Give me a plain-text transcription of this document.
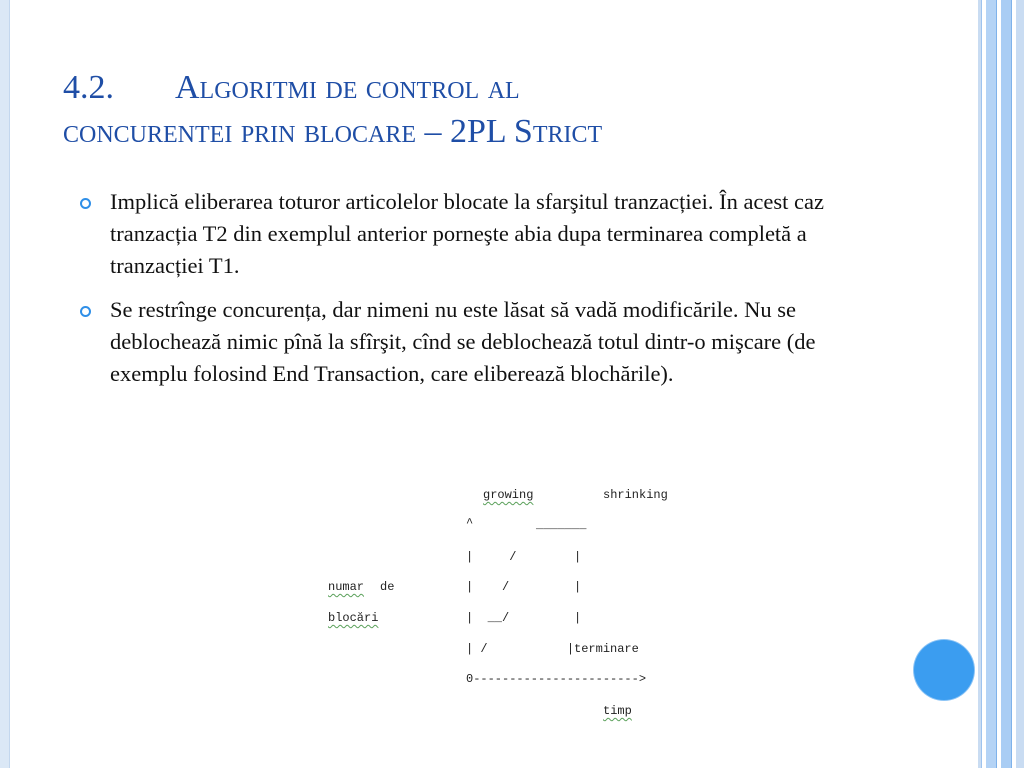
4.2. Algoritmi de control al
concurentei prin blocare – 2PL Strict
Implică eliberarea toturor articolelor blocate la sfarşitul tranzacției. În acest caz tranzacția T2 din exemplul anterior porneşte abia dupa terminarea completă a tranzacției T1.
Se restrînge concurența, dar nimeni nu este lăsat să vadă modificările. Nu se deblochează nimic pînă la sfîrşit, cînd se deblochează totul dintr-o mişcare (de exemplu folosind End Transaction, care eliberează blochările).
growing	shrinking
^	_______
|     /        |
|    /         |
|  __/         |
| /           |terminare
0----------------------->
numar de
blocări
timp
